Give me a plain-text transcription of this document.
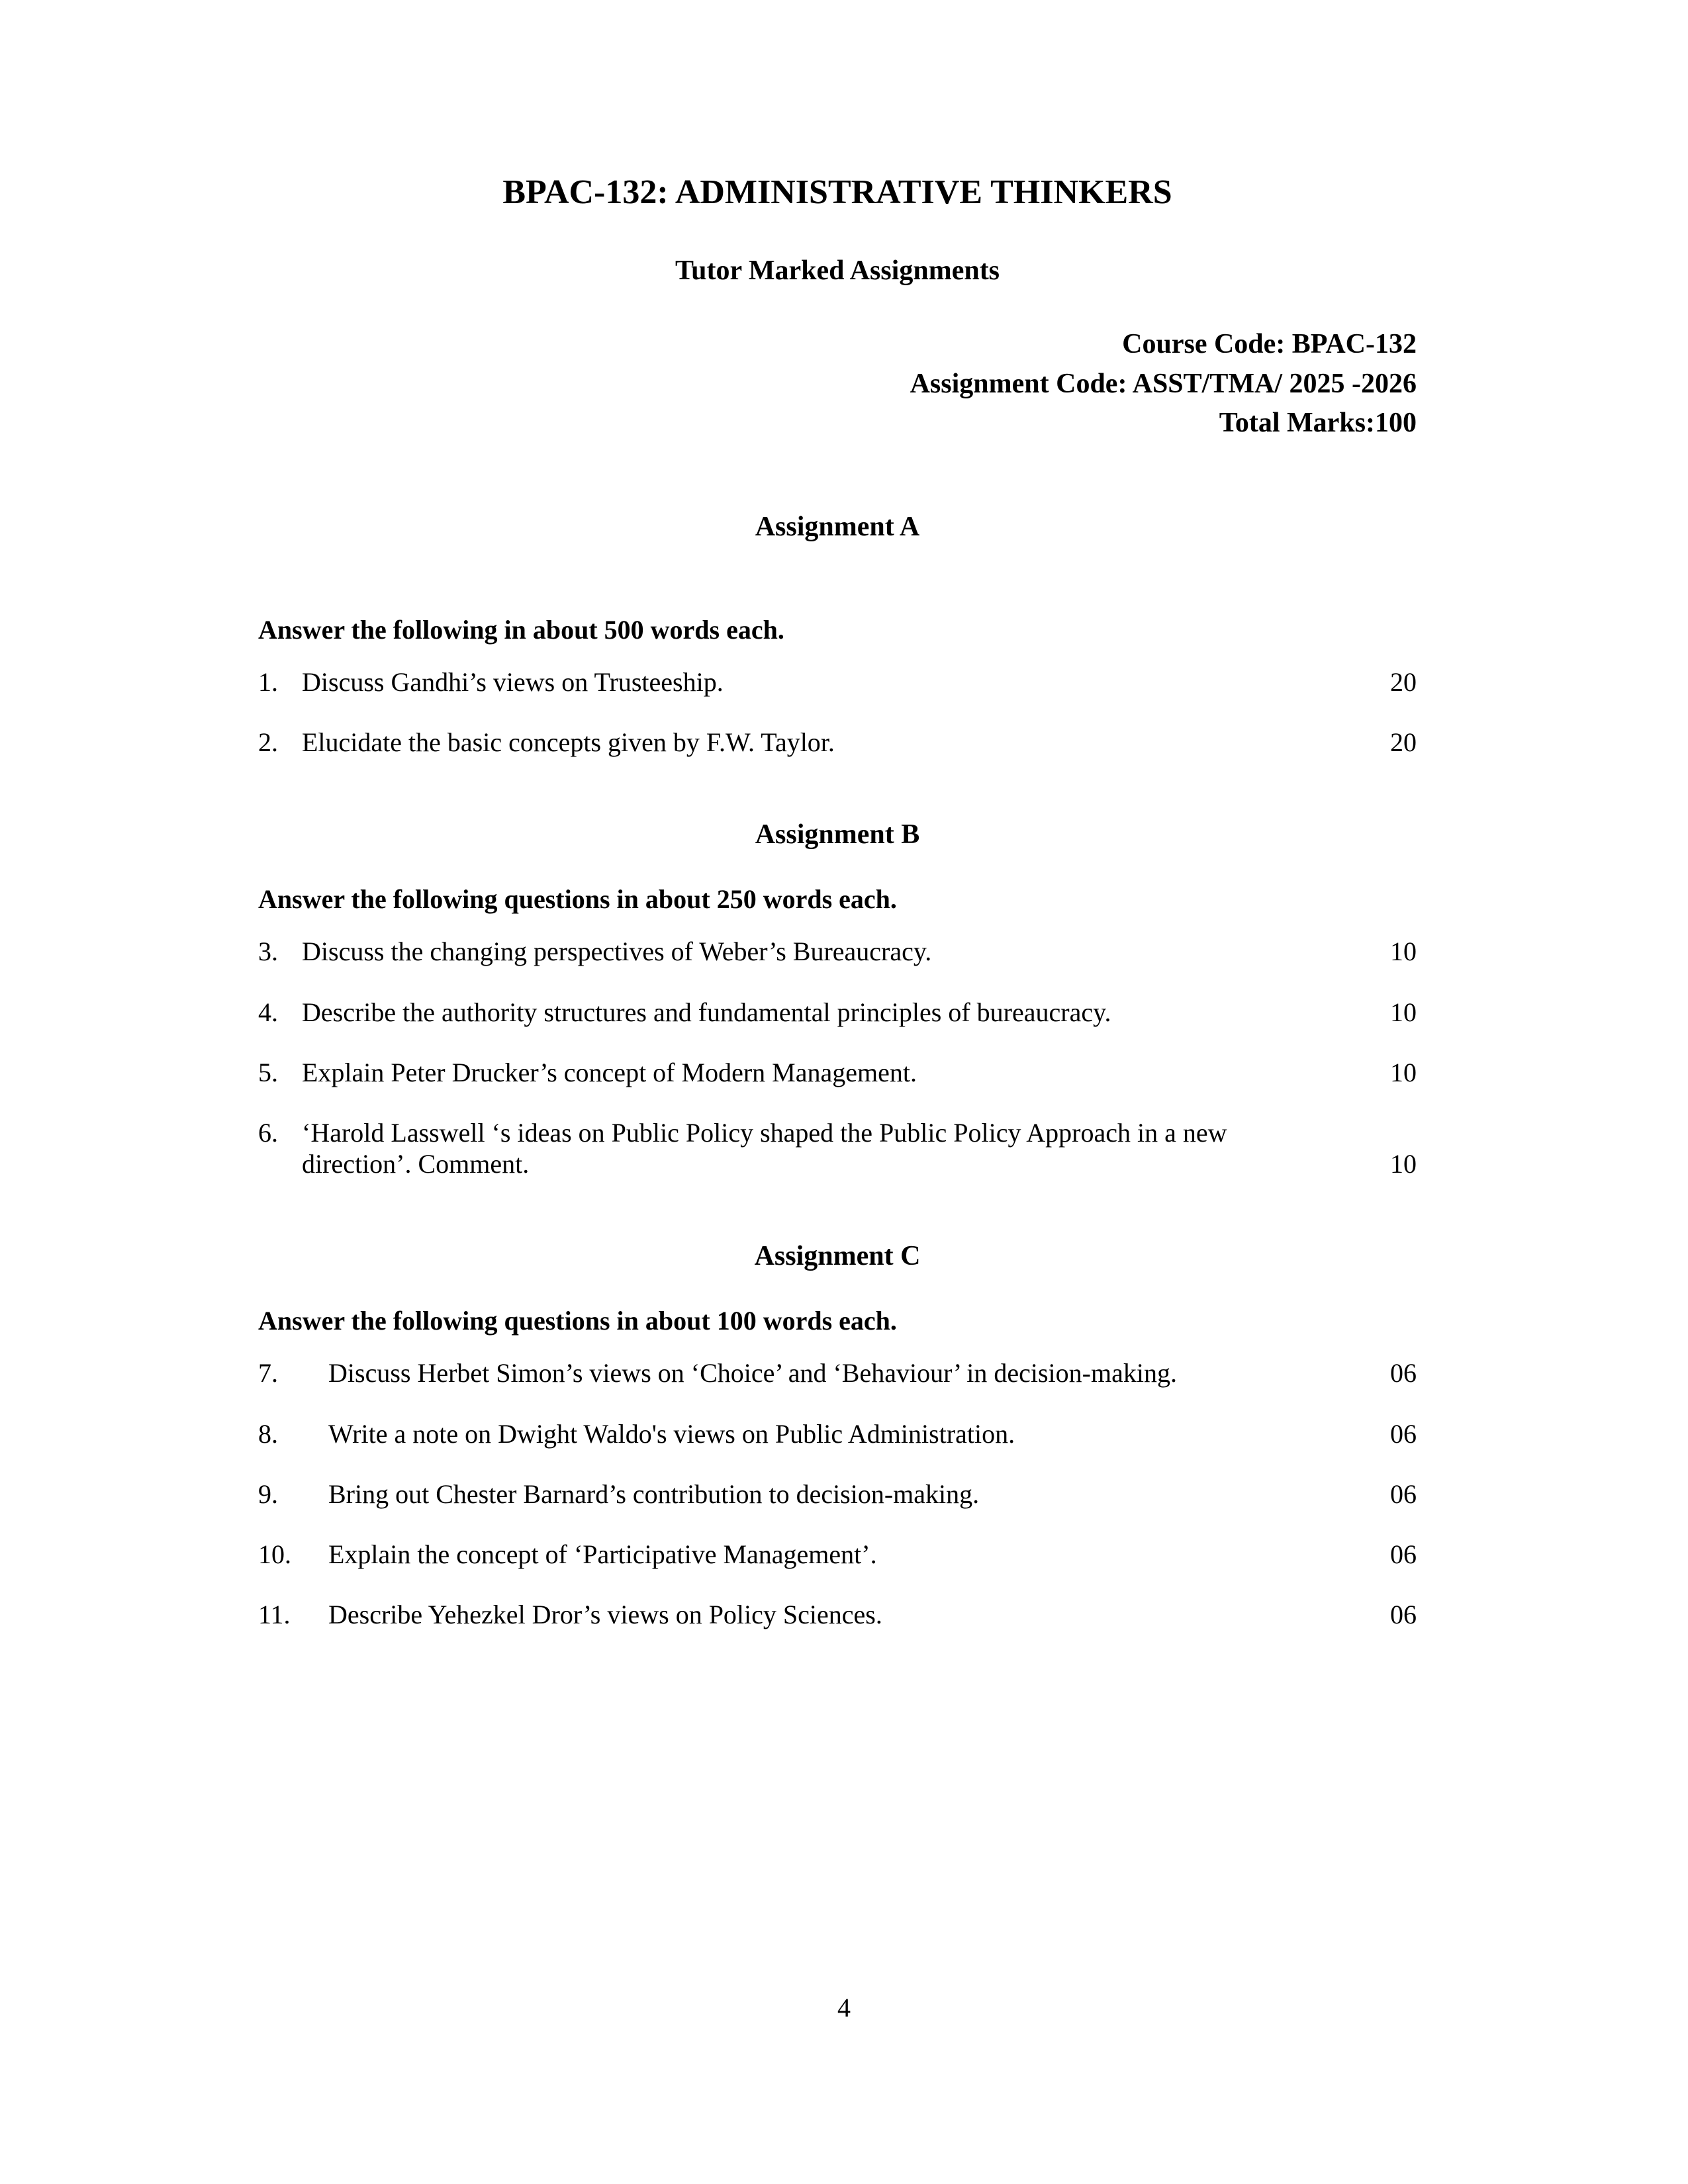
BPAC-132: ADMINISTRATIVE THINKERS
Tutor Marked Assignments
Course Code: BPAC-132
Assignment Code: ASST/TMA/ 2025 -2026
Total Marks:100
Assignment A
Answer the following in about 500 words each.
1. Discuss Gandhi’s views on Trusteeship.	20
2. Elucidate the basic concepts given by F.W. Taylor.	20
Assignment B
Answer the following questions in about 250 words each.
3. Discuss the changing perspectives of Weber’s Bureaucracy.	10
4. Describe the authority structures and fundamental principles of bureaucracy.	10
5. Explain Peter Drucker’s concept of Modern Management.	10
6. ‘Harold Lasswell ‘s ideas on Public Policy shaped the Public Policy Approach in a new direction’. Comment.	10
Assignment C
Answer the following questions in about 100 words each.
7.	Discuss Herbet Simon’s views on ‘Choice’ and ‘Behaviour’ in decision-making.	06
8.	Write a note on Dwight Waldo's views on Public Administration.	06
9.	Bring out Chester Barnard’s contribution to decision-making.	06
10.	Explain the concept of ‘Participative Management’.	06
11.	Describe Yehezkel Dror’s views on Policy Sciences.	06
4
